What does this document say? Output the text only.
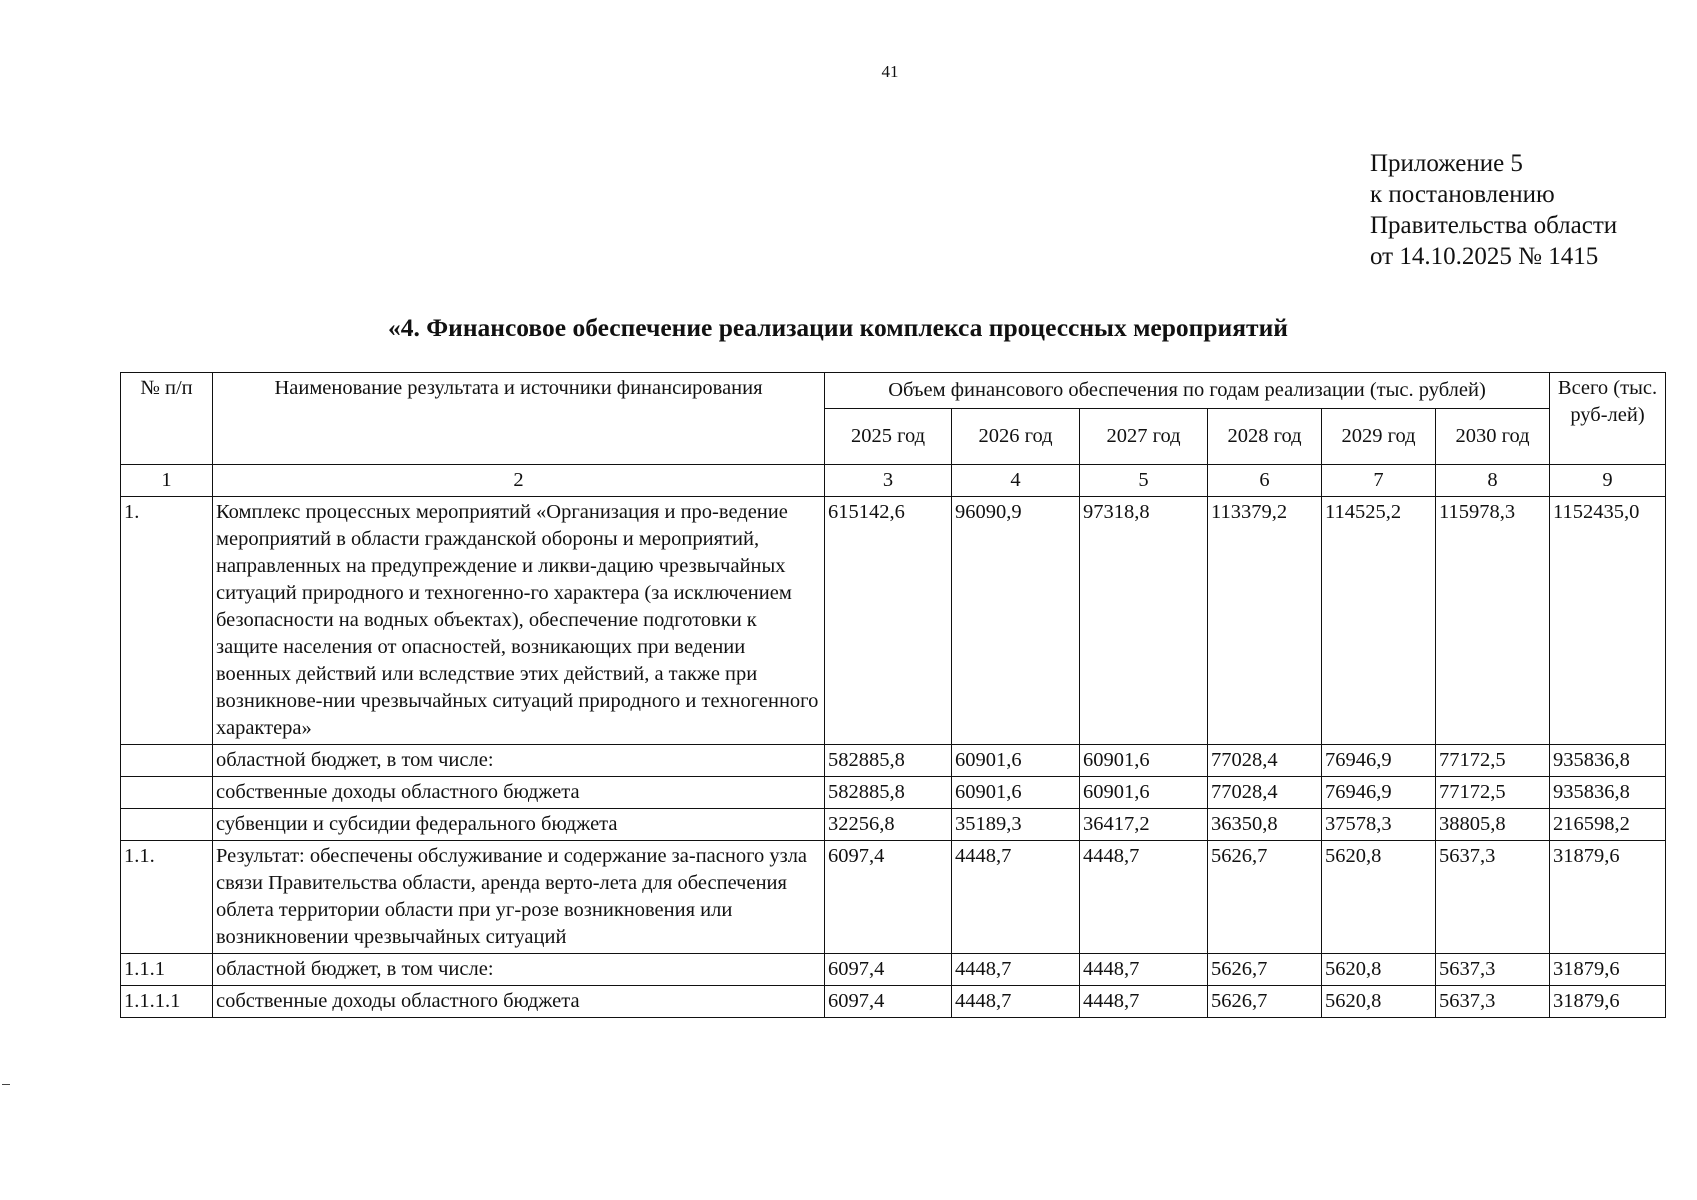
41
Приложение 5
к постановлению
Правительства области
от 14.10.2025 № 1415
«4. Финансовое обеспечение реализации комплекса процессных мероприятий
№ п/п	Наименование результата и источники финансирования	Объем финансового обеспечения по годам реализации (тыс. рублей)						Всего (тыс. руб-лей)
		2025 год	2026 год	2027 год	2028 год	2029 год	2030 год	
1	2	3	4	5	6	7	8	9
1.	Комплекс процессных мероприятий «Организация и про-ведение мероприятий в области гражданской обороны и мероприятий, направленных на предупреждение и ликви-дацию чрезвычайных ситуаций природного и техногенно-го характера (за исключением безопасности на водных объектах), обеспечение подготовки к защите населения от опасностей, возникающих при ведении военных действий или вследствие этих действий, а также при возникнове-нии чрезвычайных ситуаций природного и техногенного характера»	615142,6	96090,9	97318,8	113379,2	114525,2	115978,3	1152435,0
	областной бюджет, в том числе:	582885,8	60901,6	60901,6	77028,4	76946,9	77172,5	935836,8
	собственные доходы областного бюджета	582885,8	60901,6	60901,6	77028,4	76946,9	77172,5	935836,8
	субвенции и субсидии федерального бюджета	32256,8	35189,3	36417,2	36350,8	37578,3	38805,8	216598,2
1.1.	Результат: обеспечены обслуживание и содержание за-пасного узла связи Правительства области, аренда верто-лета для обеспечения облета территории области при уг-розе возникновения или возникновении чрезвычайных ситуаций	6097,4	4448,7	4448,7	5626,7	5620,8	5637,3	31879,6
1.1.1	областной бюджет, в том числе:	6097,4	4448,7	4448,7	5626,7	5620,8	5637,3	31879,6
1.1.1.1	собственные доходы областного бюджета	6097,4	4448,7	4448,7	5626,7	5620,8	5637,3	31879,6
